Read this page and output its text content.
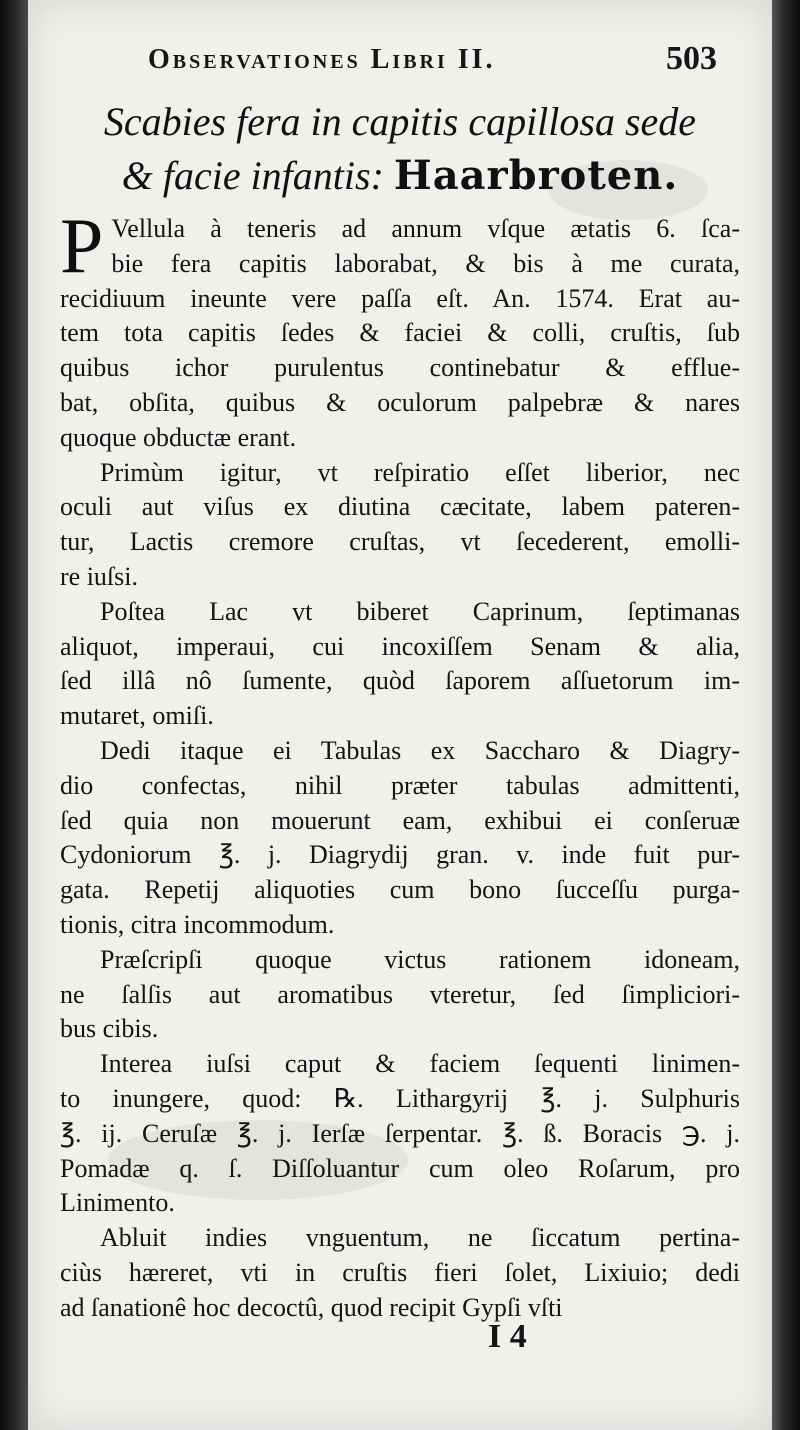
Observationes Libri II.	503
Scabies fera in capitis capillosa sede
& facie infantis: Haarbroten.
P Vellula à teneris ad annum vſque ætatis 6. ſca-
bie fera capitis laborabat, & bis à me curata,
recidiuum ineunte vere paſſa eſt. An. 1574. Erat au-
tem tota capitis ſedes & faciei & colli, cruſtis, ſub
quibus ichor purulentus continebatur & efflue-
bat, obſita, quibus & oculorum palpebræ & nares
quoque obductæ erant.
Primùm igitur, vt reſpiratio eſſet liberior, nec
oculi aut viſus ex diutina cæcitate, labem pateren-
tur, Lactis cremore cruſtas, vt ſecederent, emolli-
re iuſsi.
Poſtea Lac vt biberet Caprinum, ſeptimanas
aliquot, imperaui, cui incoxiſſem Senam & alia,
ſed illâ nô ſumente, quòd ſaporem aſſuetorum im-
mutaret, omiſi.
Dedi itaque ei Tabulas ex Saccharo & Diagry-
dio confectas, nihil præter tabulas admittenti,
ſed quia non mouerunt eam, exhibui ei conſeruæ
Cydoniorum ℥. j. Diagrydij gran. v. inde fuit pur-
gata. Repetij aliquoties cum bono ſucceſſu purga-
tionis, citra incommodum.
Præſcripſi quoque victus rationem idoneam,
ne ſalſis aut aromatibus vteretur, ſed ſimpliciori-
bus cibis.
Interea iuſsi caput & faciem ſequenti linimen-
to inungere, quod: ℞. Lithargyrij ℥. j. Sulphuris
℥. ij. Ceruſæ ℥. j. Ierſæ ſerpentar. ℥. ß. Boracis ℈. j.
Pomadæ q. ſ. Diſſoluantur cum oleo Roſarum, pro
Linimento.
Abluit indies vnguentum, ne ſiccatum pertina-
ciùs hæreret, vti in cruſtis fieri ſolet, Lixiuio; dedi
ad ſanationê hoc decoctû, quod recipit Gypſi vſti
I 4
